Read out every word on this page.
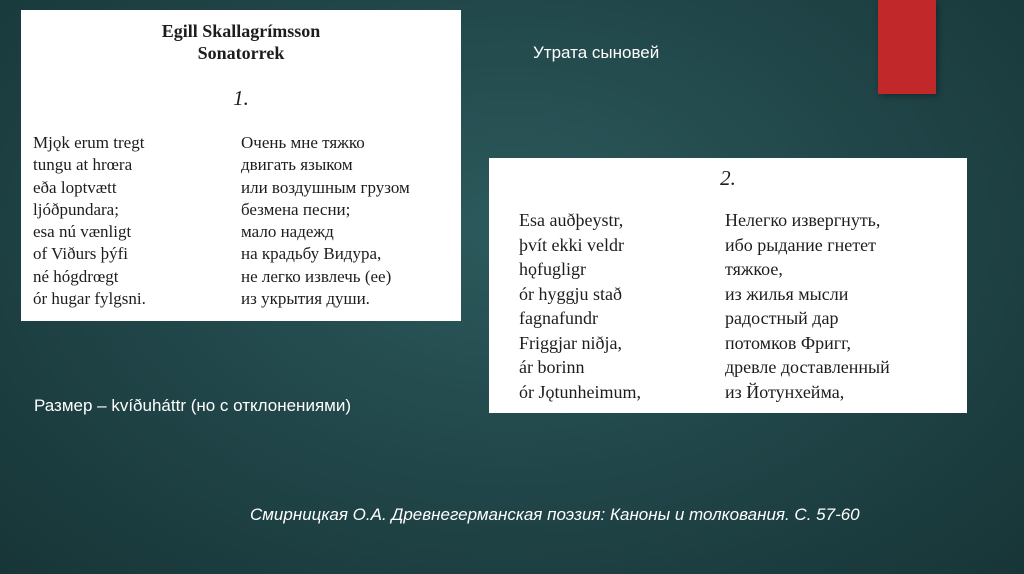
Egill Skallagrímsson
Sonatorrek
1.
Mjǫk erum tregt
tungu at hrœra
eða loptvætt
ljóðpundara;
esa nú vænligt
of Viðurs þýfi
né hógdrœgt
ór hugar fylgsni.
Очень мне тяжко
двигать языком
или воздушным грузом
безмена песни;
мало надежд
на крадьбу Видура,
не легко извлечь (ее)
из укрытия души.
Утрата сыновей
2.
Esa auðþeystr,
þvít ekki veldr
hǫfugligr
ór hyggju stað
fagnafundr
Friggjar niðja,
ár borinn
ór Jǫtunheimum,
Нелегко извергнуть,
ибо рыдание гнетет
тяжкое,
из жилья мысли
радостный дар
потомков Фригг,
древле доставленный
из Йотунхейма,
Размер – kvíðuháttr (но с отклонениями)
Смирницкая О.А. Древнегерманская поэзия: Каноны и толкования. С. 57-60
